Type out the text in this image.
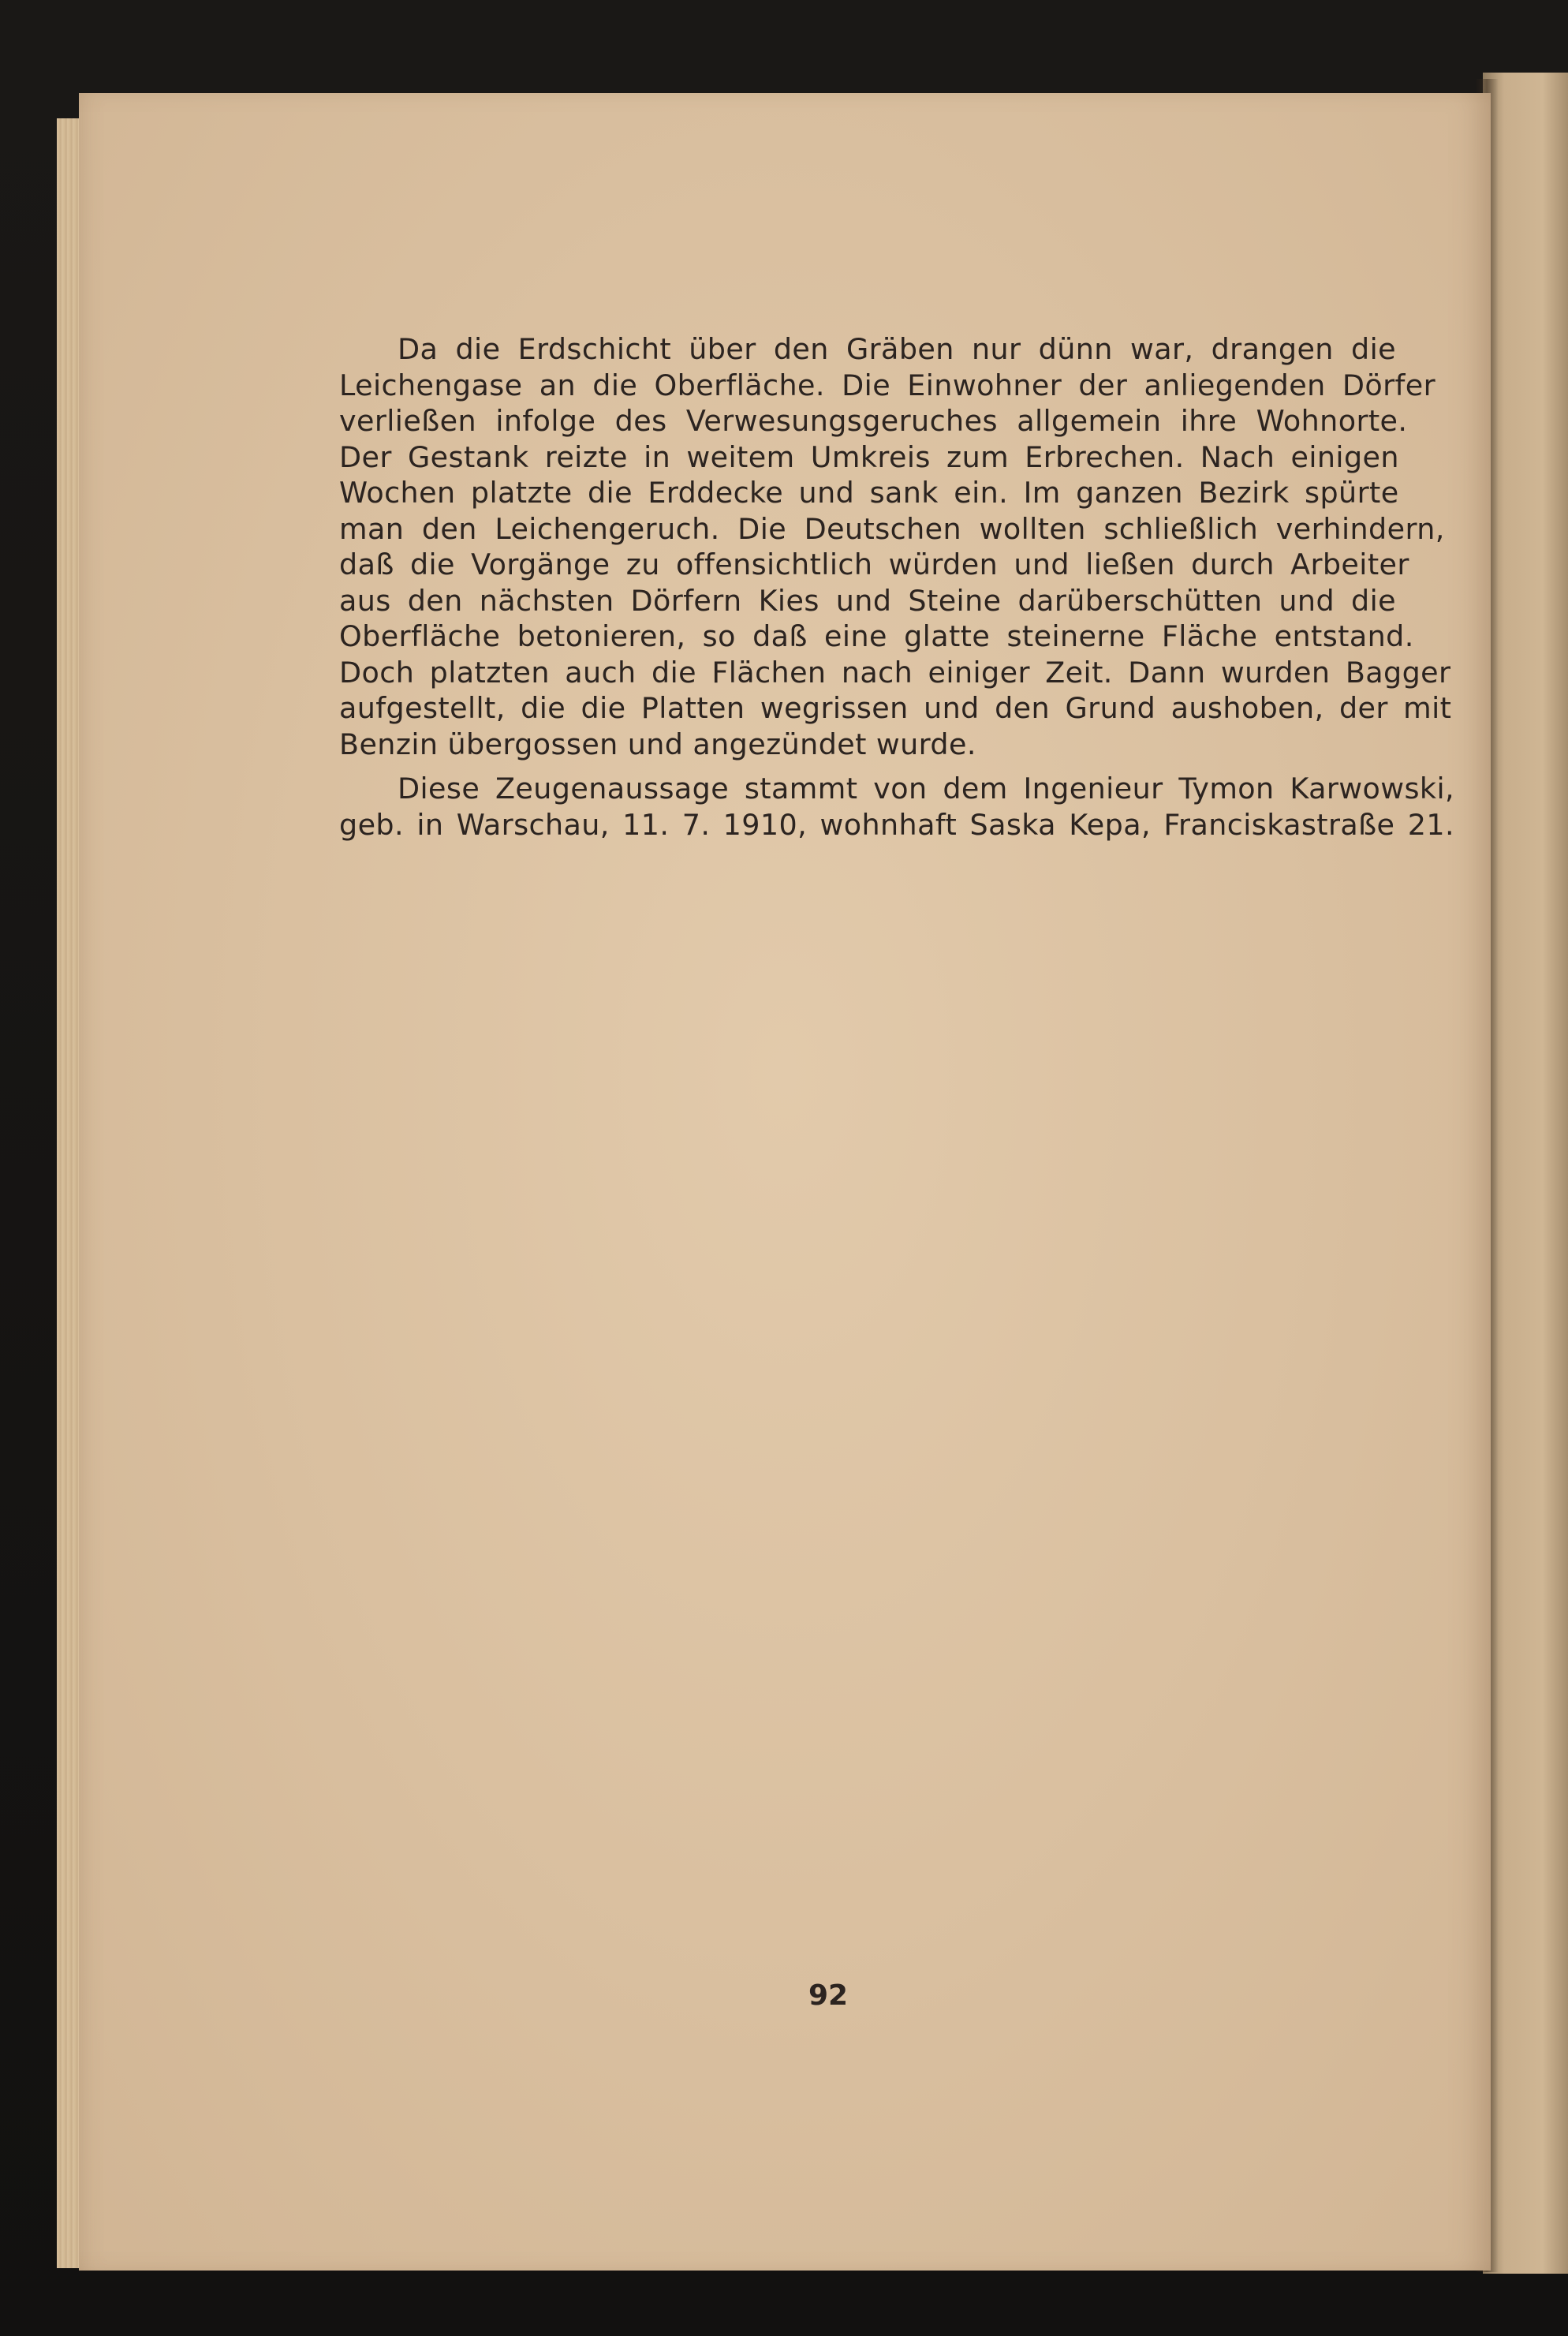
Da die Erdschicht über den Gräben nur dünn war, drangen die
Leichengase an die Oberfläche. Die Einwohner der anliegenden Dörfer
verließen infolge des Verwesungsgeruches allgemein ihre Wohnorte.
Der Gestank reizte in weitem Umkreis zum Erbrechen. Nach einigen
Wochen platzte die Erddecke und sank ein. Im ganzen Bezirk spürte
man den Leichengeruch. Die Deutschen wollten schließlich verhindern,
daß die Vorgänge zu offensichtlich würden und ließen durch Arbeiter
aus den nächsten Dörfern Kies und Steine darüberschütten und die
Oberfläche betonieren, so daß eine glatte steinerne Fläche entstand.
Doch platzten auch die Flächen nach einiger Zeit. Dann wurden Bagger
aufgestellt, die die Platten wegrissen und den Grund aushoben, der mit
Benzin übergossen und angezündet wurde.
Diese Zeugenaussage stammt von dem Ingenieur Tymon Karwowski,
geb. in Warschau, 11. 7. 1910, wohnhaft Saska Kepa, Franciskastraße 21.
92
